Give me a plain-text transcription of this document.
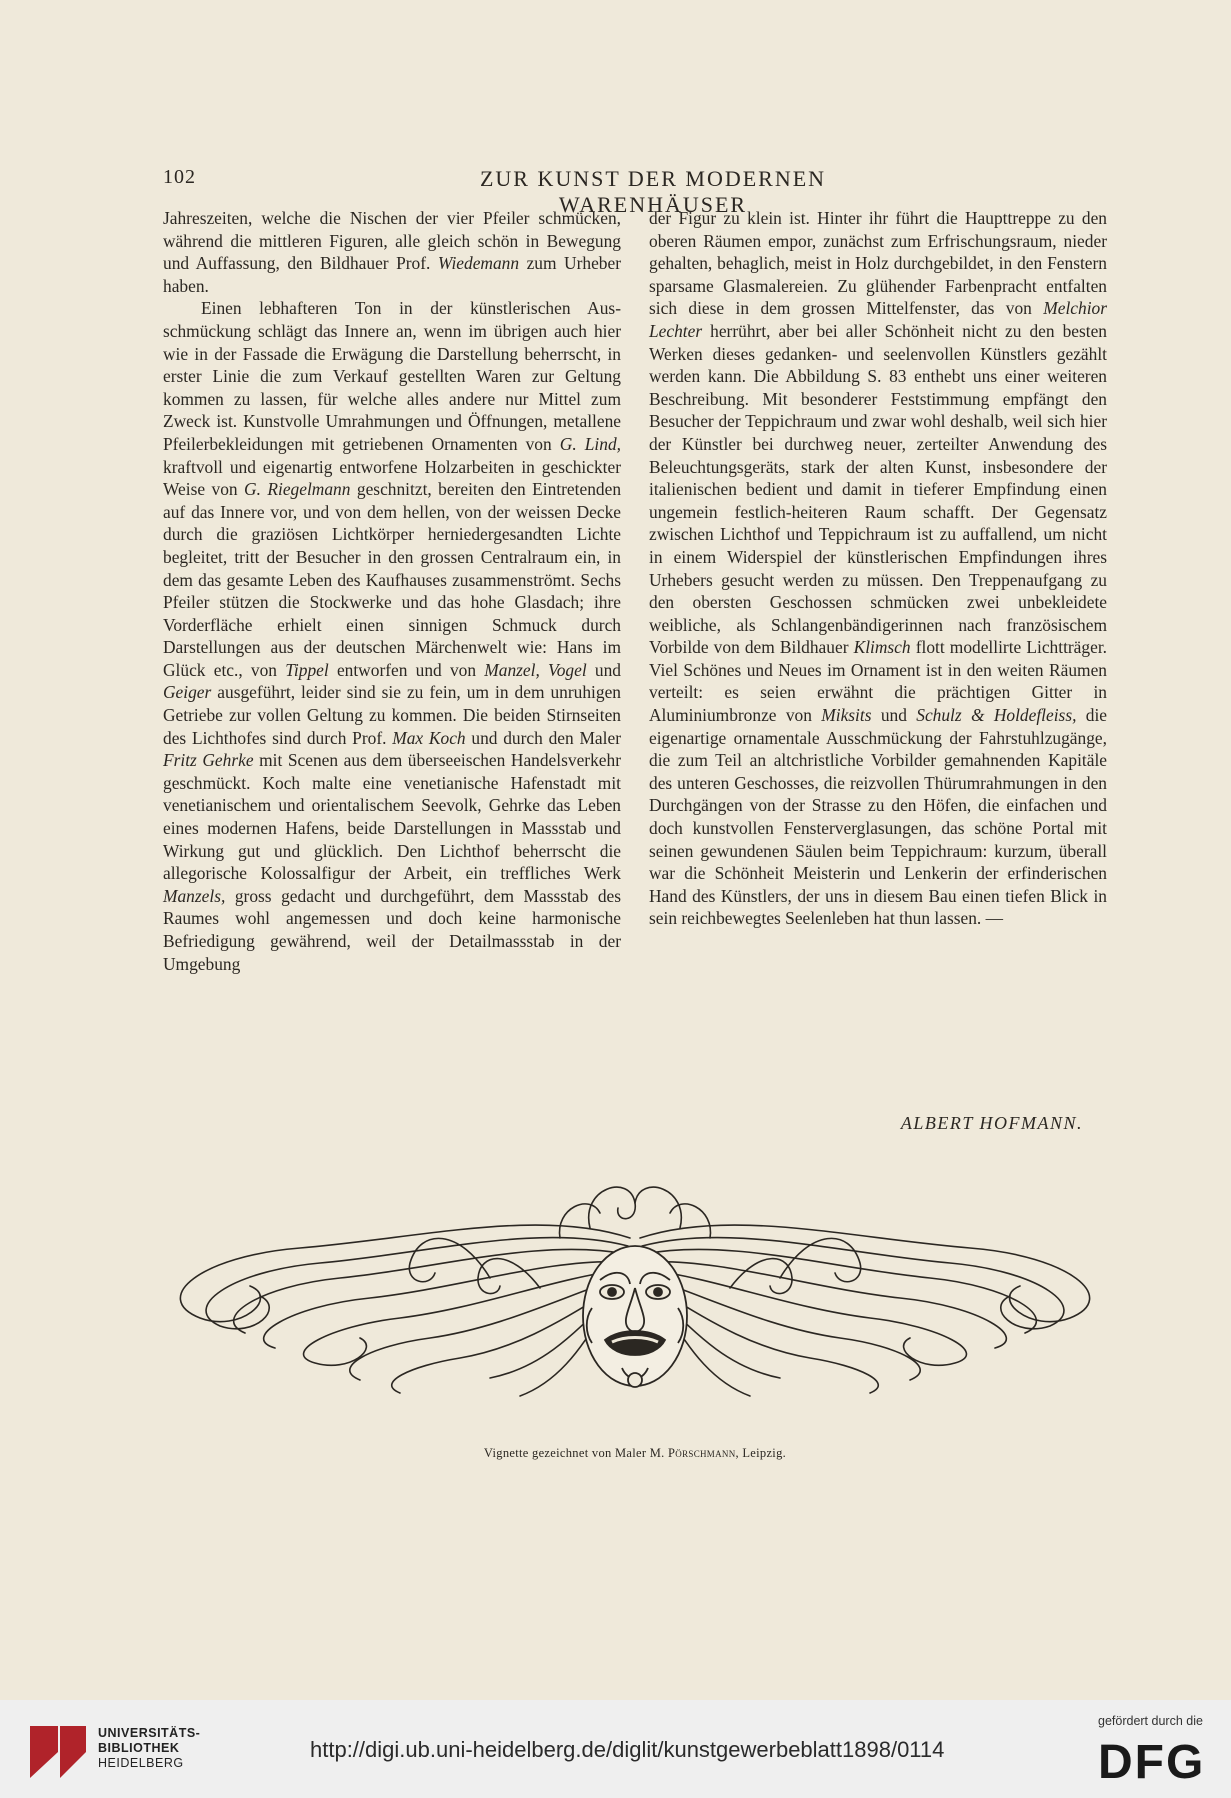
102	ZUR KUNST DER MODERNEN WARENHÄUSER

Jahreszeiten, welche die Nischen der vier Pfeiler schmücken, während die mittleren Figuren, alle gleich schön in Bewegung und Auffassung, den Bildhauer Prof. Wiedemann zum Urheber haben.

Einen lebhafteren Ton in der künstlerischen Ausschmückung schlägt das Innere an, wenn im übrigen auch hier wie in der Fassade die Erwägung die Darstellung beherrscht, in erster Linie die zum Verkauf gestellten Waren zur Geltung kommen zu lassen, für welche alles andere nur Mittel zum Zweck ist. Kunstvolle Umrahmungen und Öffnungen, metallene Pfeilerbekleidungen mit getriebenen Ornamenten von G. Lind, kraftvoll und eigenartig entworfene Holzarbeiten in geschickter Weise von G. Riegelmann geschnitzt, bereiten den Eintretenden auf das Innere vor, und von dem hellen, von der weissen Decke durch die graziösen Lichtkörper herniedergesandten Lichte begleitet, tritt der Besucher in den grossen Centralraum ein, in dem das gesamte Leben des Kaufhauses zusammenströmt. Sechs Pfeiler stützen die Stockwerke und das hohe Glasdach; ihre Vorderfläche erhielt einen sinnigen Schmuck durch Darstellungen aus der deutschen Märchenwelt wie: Hans im Glück etc., von Tippel entworfen und von Manzel, Vogel und Geiger ausgeführt, leider sind sie zu fein, um in dem unruhigen Getriebe zur vollen Geltung zu kommen. Die beiden Stirnseiten des Lichthofes sind durch Prof. Max Koch und durch den Maler Fritz Gehrke mit Scenen aus dem überseeischen Handelsverkehr geschmückt. Koch malte eine venetianische Hafenstadt mit venetianischem und orientalischem Seevolk, Gehrke das Leben eines modernen Hafens, beide Darstellungen in Massstab und Wirkung gut und glücklich. Den Lichthof beherrscht die allegorische Kolossalfigur der Arbeit, ein treffliches Werk Manzels, gross gedacht und durchgeführt, dem Massstab des Raumes wohl angemessen und doch keine harmonische Befriedigung gewährend, weil der Detailmassstab in der Umgebung

der Figur zu klein ist. Hinter ihr führt die Haupttreppe zu den oberen Räumen empor, zunächst zum Erfrischungsraum, nieder gehalten, behaglich, meist in Holz durchgebildet, in den Fenstern sparsame Glasmalereien. Zu glühender Farbenpracht entfalten sich diese in dem grossen Mittelfenster, das von Melchior Lechter herrührt, aber bei aller Schönheit nicht zu den besten Werken dieses gedanken- und seelenvollen Künstlers gezählt werden kann. Die Abbildung S. 83 enthebt uns einer weiteren Beschreibung. Mit besonderer Feststimmung empfängt den Besucher der Teppichraum und zwar wohl deshalb, weil sich hier der Künstler bei durchweg neuer, zerteilter Anwendung des Beleuchtungsgeräts, stark der alten Kunst, insbesondere der italienischen bedient und damit in tieferer Empfindung einen ungemein festlich-heiteren Raum schafft. Der Gegensatz zwischen Lichthof und Teppichraum ist zu auffallend, um nicht in einem Widerspiel der künstlerischen Empfindungen ihres Urhebers gesucht werden zu müssen. Den Treppenaufgang zu den obersten Geschossen schmücken zwei unbekleidete weibliche, als Schlangenbändigerinnen nach französischem Vorbilde von dem Bildhauer Klimsch flott modellirte Lichtträger. Viel Schönes und Neues im Ornament ist in den weiten Räumen verteilt: es seien erwähnt die prächtigen Gitter in Aluminiumbronze von Miksits und Schulz & Holdefleiss, die eigenartige ornamentale Ausschmückung der Fahrstuhlzugänge, die zum Teil an altchristliche Vorbilder gemahnenden Kapitäle des unteren Geschosses, die reizvollen Thürumrahmungen in den Durchgängen von der Strasse zu den Höfen, die einfachen und doch kunstvollen Fensterverglasungen, das schöne Portal mit seinen gewundenen Säulen beim Teppichraum: kurzum, überall war die Schönheit Meisterin und Lenkerin der erfinderischen Hand des Künstlers, der uns in diesem Bau einen tiefen Blick in sein reichbewegtes Seelenleben hat thun lassen. —

ALBERT HOFMANN.
Vignette gezeichnet von Maler M. Pörschmann, Leipzig.
UNIVERSITÄTS-
BIBLIOTHEK
HEIDELBERG
http://digi.ub.uni-heidelberg.de/diglit/kunstgewerbeblatt1898/0114
gefördert durch die
DFG
